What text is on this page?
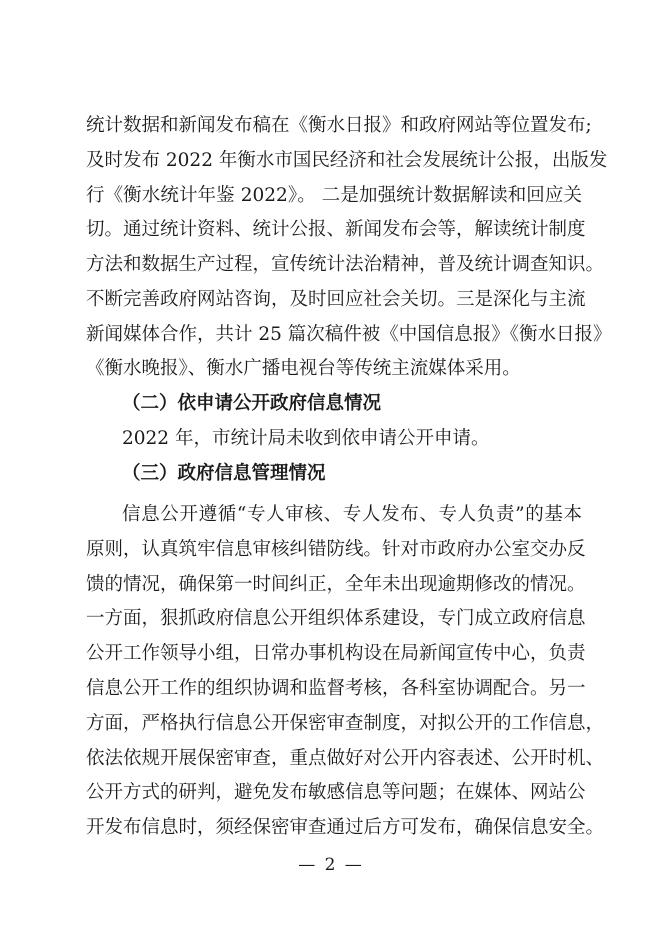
统计数据和新闻发布稿在《衡水日报》和政府网站等位置发布;
及时发布 2022 年衡水市国民经济和社会发展统计公报，出版发
行《衡水统计年鉴 2022》。 二是加强统计数据解读和回应关
切。通过统计资料、统计公报、新闻发布会等，解读统计制度
方法和数据生产过程，宣传统计法治精神，普及统计调查知识。
不断完善政府网站咨询，及时回应社会关切。三是深化与主流
新闻媒体合作，共计 25 篇次稿件被《中国信息报》《衡水日报》
《衡水晚报》、衡水广播电视台等传统主流媒体采用。
（二）依申请公开政府信息情况
2022 年，市统计局未收到依申请公开申请。
（三）政府信息管理情况
信息公开遵循“专人审核、专人发布、专人负责”的基本
原则，认真筑牢信息审核纠错防线。针对市政府办公室交办反
馈的情况，确保第一时间纠正，全年未出现逾期修改的情况。
一方面，狠抓政府信息公开组织体系建设，专门成立政府信息
公开工作领导小组，日常办事机构设在局新闻宣传中心，负责
信息公开工作的组织协调和监督考核，各科室协调配合。另一
方面，严格执行信息公开保密审查制度，对拟公开的工作信息，
依法依规开展保密审查，重点做好对公开内容表述、公开时机、
公开方式的研判，避免发布敏感信息等问题；在媒体、网站公
开发布信息时，须经保密审查通过后方可发布，确保信息安全。
— 2 —
